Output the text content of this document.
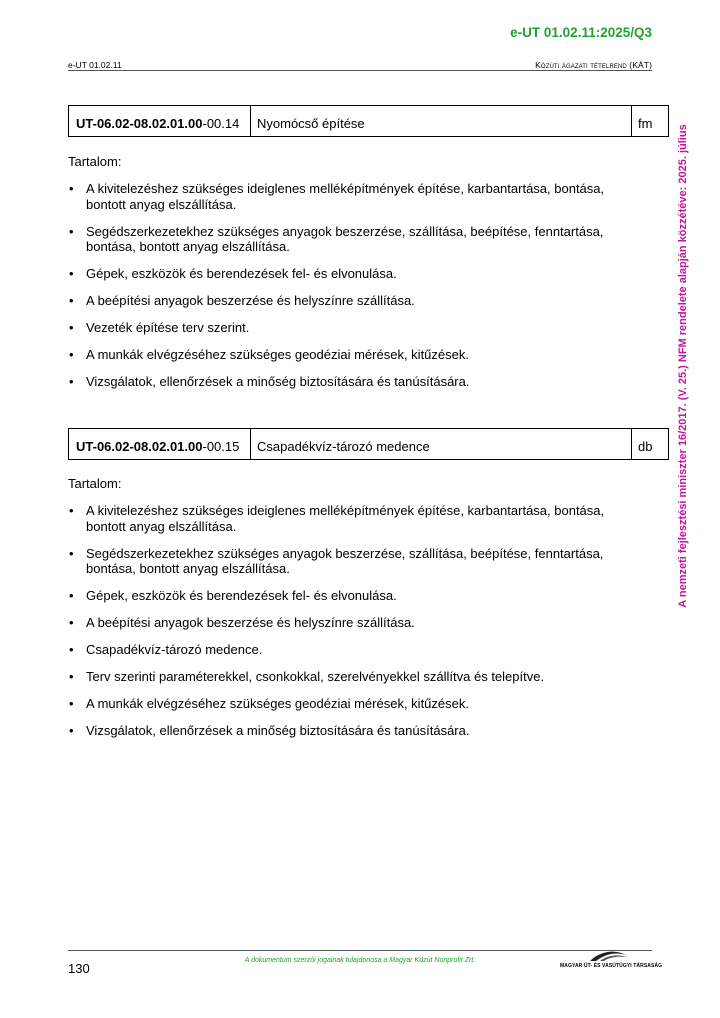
e-UT 01.02.11:2025/Q3
e-UT 01.02.11	Közúti ágazati tételrend (KÁT)
A nemzeti fejlesztési miniszter 16/2017. (V. 25.) NFM rendelete alapján közzétéve: 2025. július
UT-06.02-08.02.01.00 -00.14	Nyomócső építése	fm
Tartalom:
• A kivitelezéshez szükséges ideiglenes melléképítmények építése, karbantartása, bontása, bontott anyag elszállítása.
• Segédszerkezetekhez szükséges anyagok beszerzése, szállítása, beépítése, fenntartása, bontása, bontott anyag elszállítása.
• Gépek, eszközök és berendezések fel- és elvonulása.
• A beépítési anyagok beszerzése és helyszínre szállítása.
• Vezeték építése terv szerint.
• A munkák elvégzéséhez szükséges geodéziai mérések, kitűzések.
• Vizsgálatok, ellenőrzések a minőség biztosítására és tanúsítására.
UT-06.02-08.02.01.00 -00.15	Csapadékvíz-tározó medence	db
Tartalom:
• A kivitelezéshez szükséges ideiglenes melléképítmények építése, karbantartása, bontása, bontott anyag elszállítása.
• Segédszerkezetekhez szükséges anyagok beszerzése, szállítása, beépítése, fenntartása, bontása, bontott anyag elszállítása.
• Gépek, eszközök és berendezések fel- és elvonulása.
• A beépítési anyagok beszerzése és helyszínre szállítása.
• Csapadékvíz-tározó medence.
• Terv szerinti paraméterekkel, csonkokkal, szerelvényekkel szállítva és telepítve.
• A munkák elvégzéséhez szükséges geodéziai mérések, kitűzések.
• Vizsgálatok, ellenőrzések a minőség biztosítására és tanúsítására.
130
A dokumentum szerzői jogainak tulajdonosa a Magyar Közút Nonprofit Zrt.
MAGYAR ÚT- ÉS VASÚTÜGYI TÁRSASÁG
